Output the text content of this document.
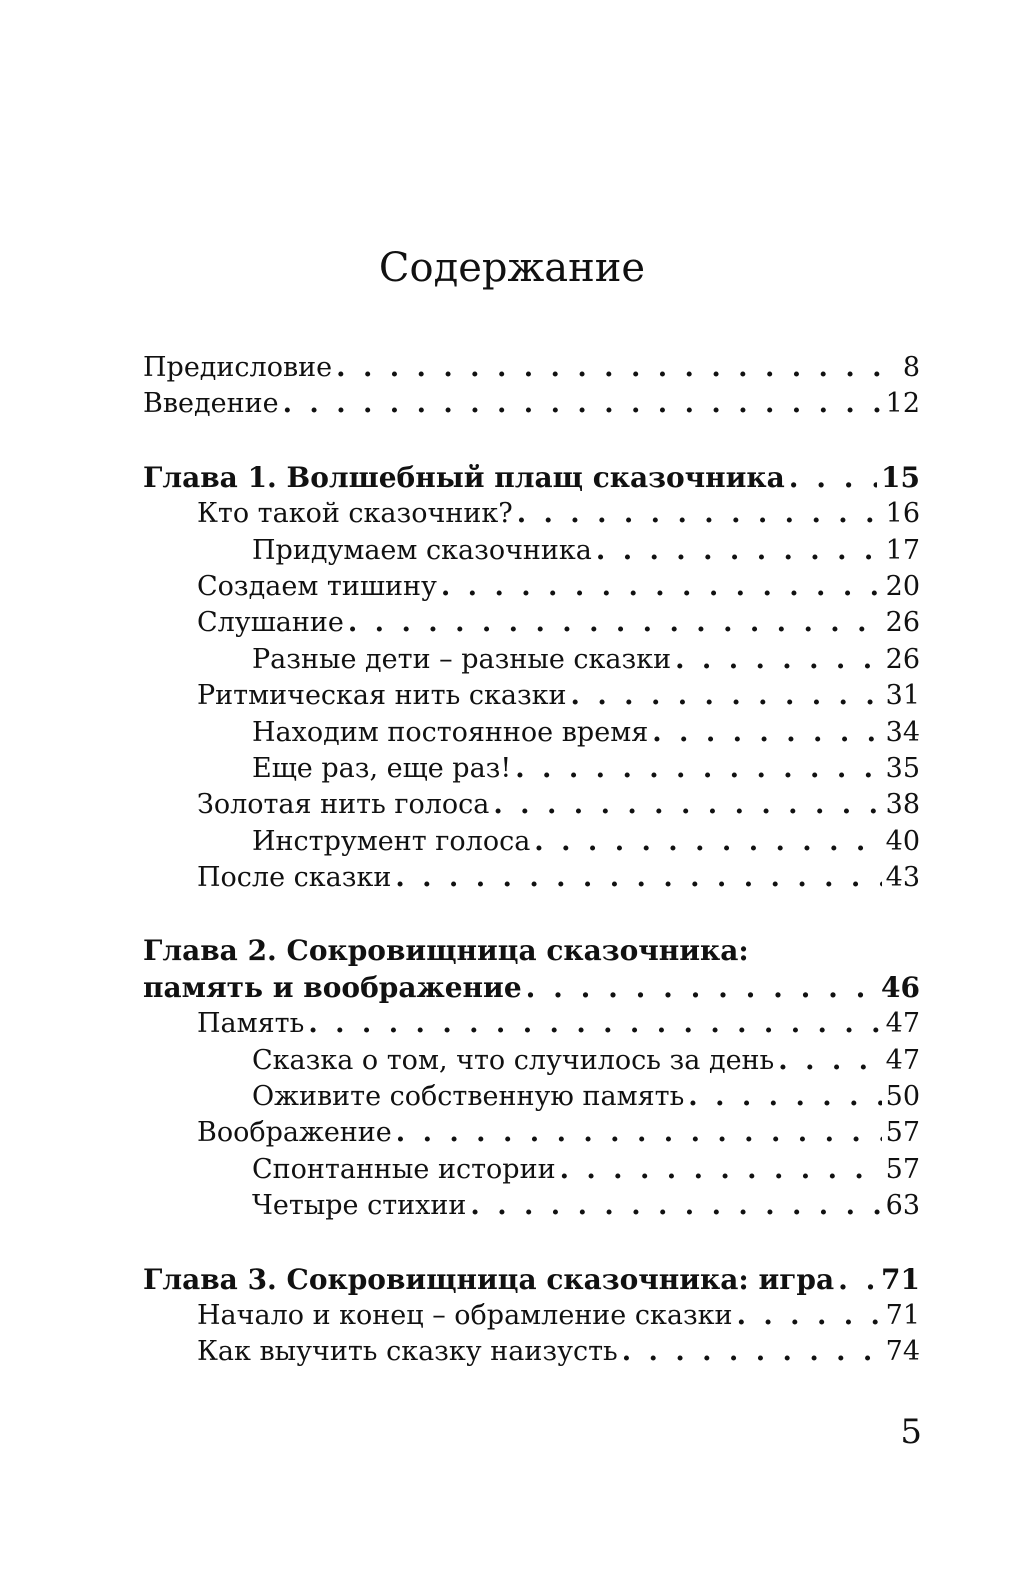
Содержание
Предисловие . . .	8
Введение . . .	12
Глава 1. Волшебный плащ сказочника . . .	15
Кто такой сказочник? . . .	16
Придумаем сказочника . . .	17
Создаем тишину . . .	20
Слушание . . .	26
Разные дети – разные сказки . . .	26
Ритмическая нить сказки . . .	31
Находим постоянное время . . .	34
Еще раз, еще раз! . . .	35
Золотая нить голоса . . .	38
Инструмент голоса . . .	40
После сказки . . .	43
Глава 2. Сокровищница сказочника:
память и воображение . . .	46
Память . . .	47
Сказка о том, что случилось за день . . .	47
Оживите собственную память . . .	50
Воображение . . .	57
Спонтанные истории . . .	57
Четыре стихии . . .	63
Глава 3. Сокровищница сказочника: игра . . . 71
Начало и конец – обрамление сказки . . .	71
Как выучить сказку наизусть . . .	74
5
